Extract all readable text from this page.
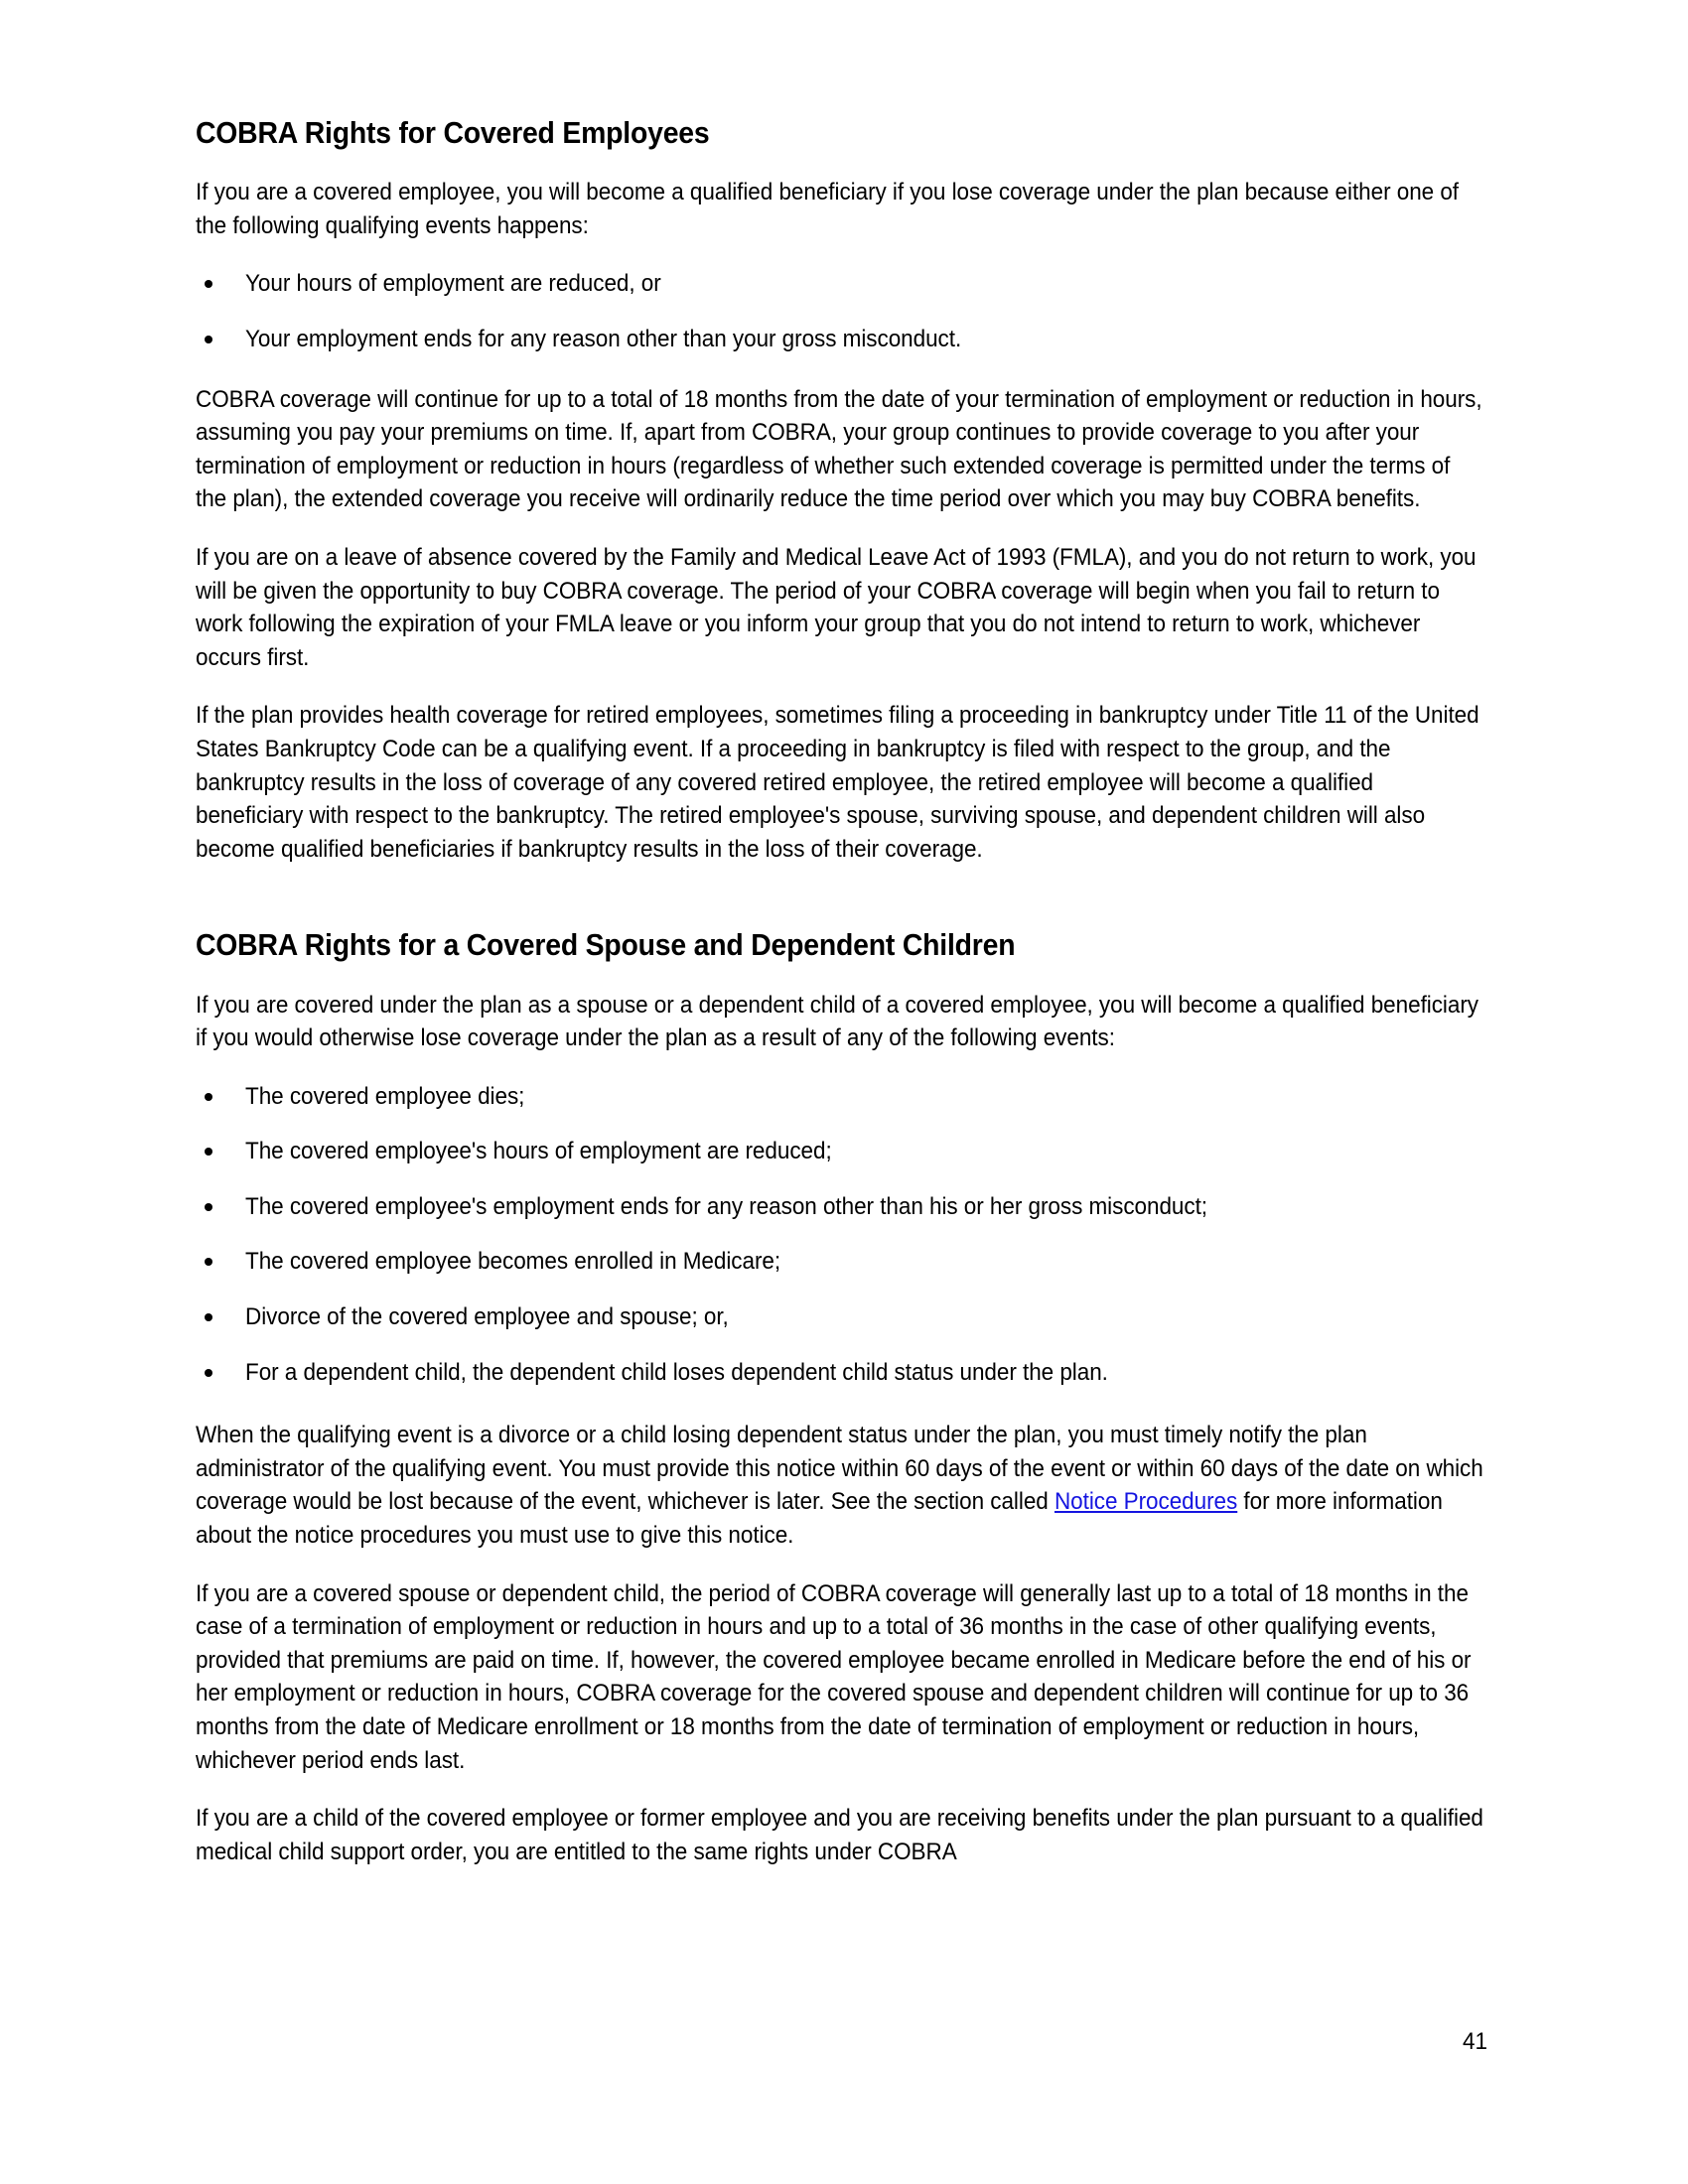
COBRA Rights for Covered Employees

If you are a covered employee, you will become a qualified beneficiary if you lose coverage under the plan because either one of the following qualifying events happens:

Your hours of employment are reduced, or
Your employment ends for any reason other than your gross misconduct.

COBRA coverage will continue for up to a total of 18 months from the date of your termination of employment or reduction in hours, assuming you pay your premiums on time. If, apart from COBRA, your group continues to provide coverage to you after your termination of employment or reduction in hours (regardless of whether such extended coverage is permitted under the terms of the plan), the extended coverage you receive will ordinarily reduce the time period over which you may buy COBRA benefits.

If you are on a leave of absence covered by the Family and Medical Leave Act of 1993 (FMLA), and you do not return to work, you will be given the opportunity to buy COBRA coverage. The period of your COBRA coverage will begin when you fail to return to work following the expiration of your FMLA leave or you inform your group that you do not intend to return to work, whichever occurs first.

If the plan provides health coverage for retired employees, sometimes filing a proceeding in bankruptcy under Title 11 of the United States Bankruptcy Code can be a qualifying event. If a proceeding in bankruptcy is filed with respect to the group, and the bankruptcy results in the loss of coverage of any covered retired employee, the retired employee will become a qualified beneficiary with respect to the bankruptcy. The retired employee's spouse, surviving spouse, and dependent children will also become qualified beneficiaries if bankruptcy results in the loss of their coverage.

COBRA Rights for a Covered Spouse and Dependent Children

If you are covered under the plan as a spouse or a dependent child of a covered employee, you will become a qualified beneficiary if you would otherwise lose coverage under the plan as a result of any of the following events:

The covered employee dies;
The covered employee's hours of employment are reduced;
The covered employee's employment ends for any reason other than his or her gross misconduct;
The covered employee becomes enrolled in Medicare;
Divorce of the covered employee and spouse; or,
For a dependent child, the dependent child loses dependent child status under the plan.

When the qualifying event is a divorce or a child losing dependent status under the plan, you must timely notify the plan administrator of the qualifying event. You must provide this notice within 60 days of the event or within 60 days of the date on which coverage would be lost because of the event, whichever is later. See the section called Notice Procedures for more information about the notice procedures you must use to give this notice.

If you are a covered spouse or dependent child, the period of COBRA coverage will generally last up to a total of 18 months in the case of a termination of employment or reduction in hours and up to a total of 36 months in the case of other qualifying events, provided that premiums are paid on time. If, however, the covered employee became enrolled in Medicare before the end of his or her employment or reduction in hours, COBRA coverage for the covered spouse and dependent children will continue for up to 36 months from the date of Medicare enrollment or 18 months from the date of termination of employment or reduction in hours, whichever period ends last.

If you are a child of the covered employee or former employee and you are receiving benefits under the plan pursuant to a qualified medical child support order, you are entitled to the same rights under COBRA

41
